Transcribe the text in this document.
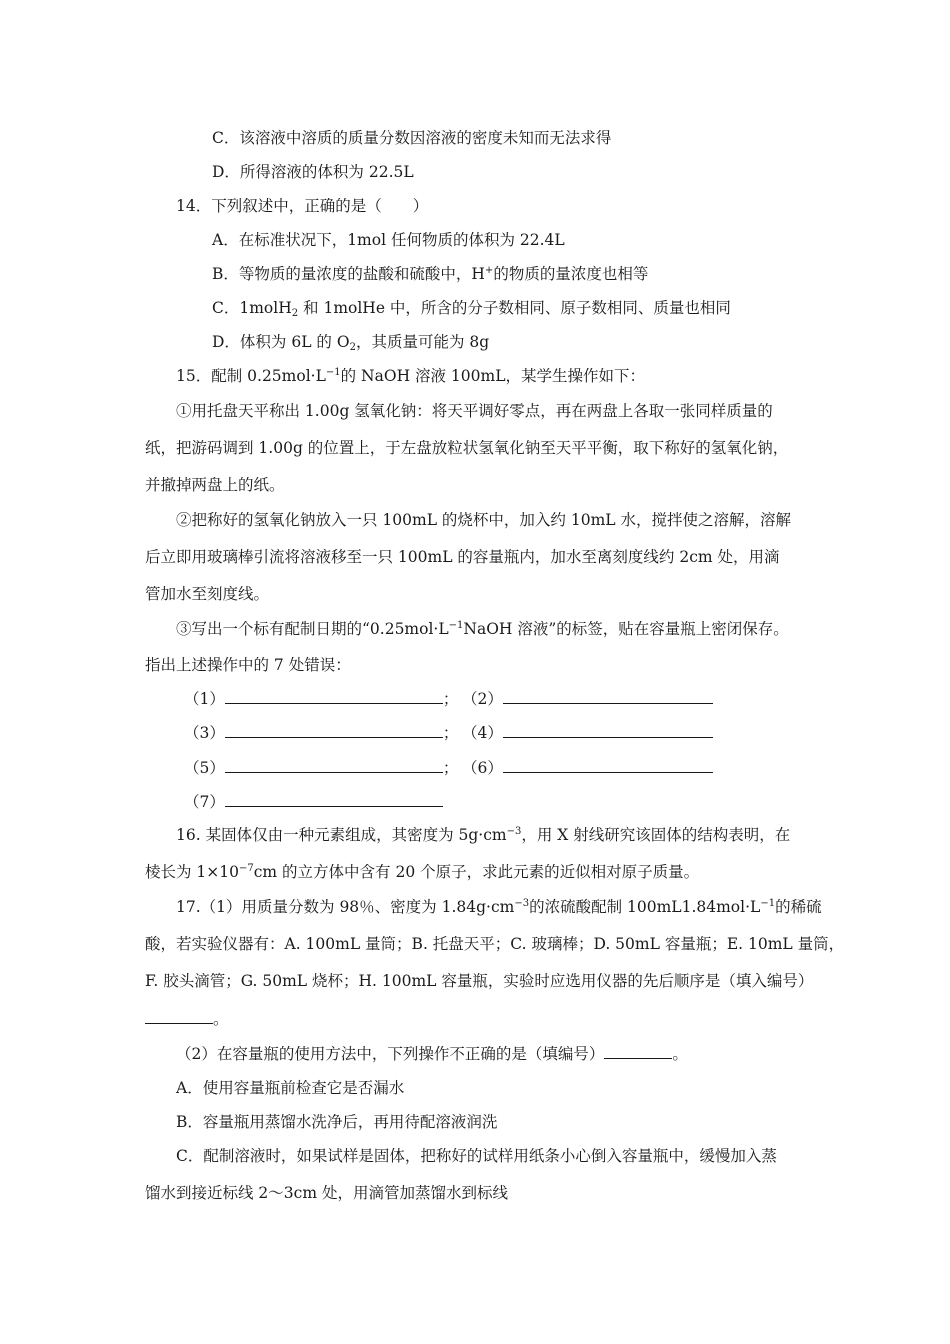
C．该溶液中溶质的质量分数因溶液的密度未知而无法求得
D．所得溶液的体积为 22.5L
14．下列叙述中，正确的是（　　）
A．在标准状况下，1mol 任何物质的体积为 22.4L
B．等物质的量浓度的盐酸和硫酸中，H+的物质的量浓度也相等
C．1molH$_2$ 和 1molHe 中，所含的分子数相同、原子数相同、质量也相同
D．体积为 6L 的 $O_2$，其质量可能为 8g
15．配制 $0.25mol\cdot L^{-1}$的 NaOH 溶液 100mL，某学生操作如下：
①用托盘天平称出 1.00g 氢氧化钠：将天平调好零点，再在两盘上各取一张同样质量的
纸，把游码调到 1.00g 的位置上，于左盘放粒状氢氧化钠至天平平衡，取下称好的氢氧化钠，
并撤掉两盘上的纸。
②把称好的氢氧化钠放入一只 100mL 的烧杯中，加入约 10mL 水，搅拌使之溶解，溶解
后立即用玻璃棒引流将溶液移至一只 100mL 的容量瓶内，加水至离刻度线约 2cm 处，用滴
管加水至刻度线。
③写出一个标有配制日期的“$0.25mol\cdot L^{-1}NaOH$ 溶液”的标签，贴在容量瓶上密闭保存。
指出上述操作中的 7 处错误：
（1）	； （2）
（3）	； （4）
（5）	； （6）
（7）
16. 某固体仅由一种元素组成，其密度为 $5g\cdot cm^{-3}$，用 X 射线研究该固体的结构表明，在
棱长为 $1\times 10^{-7}cm$ 的立方体中含有 20 个原子，求此元素的近似相对原子质量。
17.（1）用质量分数为 98％、密度为 $1.84g\cdot cm^{-3}$的浓硫酸配制 $100mL1.84mol\cdot L^{-1}$的稀硫
酸，若实验仪器有：A. 100mL 量筒；B. 托盘天平；C. 玻璃棒；D. 50mL 容量瓶；E. 10mL 量筒，
F. 胶头滴管；G. 50mL 烧杯；H. 100mL 容量瓶，实验时应选用仪器的先后顺序是（填入编号）
。
（2）在容量瓶的使用方法中，下列操作不正确的是（填编号）	。
A．使用容量瓶前检查它是否漏水
B．容量瓶用蒸馏水洗净后，再用待配溶液润洗
C．配制溶液时，如果试样是固体，把称好的试样用纸条小心倒入容量瓶中，缓慢加入蒸
馏水到接近标线 2～3cm 处，用滴管加蒸馏水到标线
